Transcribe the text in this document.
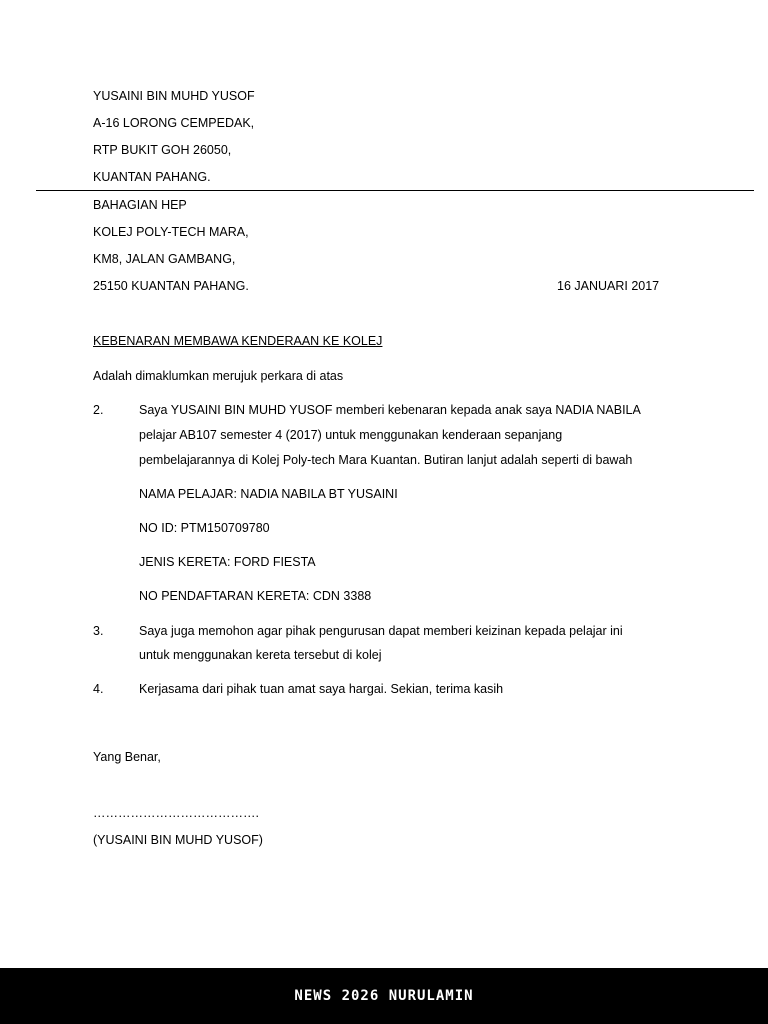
YUSAINI BIN MUHD YUSOF
A-16 LORONG CEMPEDAK,
RTP BUKIT GOH 26050,
KUANTAN PAHANG.
BAHAGIAN HEP
KOLEJ POLY-TECH MARA,
KM8, JALAN GAMBANG,
25150 KUANTAN PAHANG.	16 JANUARI 2017
KEBENARAN MEMBAWA KENDERAAN KE KOLEJ
Adalah dimaklumkan merujuk perkara di atas
2.	Saya YUSAINI BIN MUHD YUSOF memberi kebenaran kepada anak saya NADIA NABILA
pelajar AB107 semester 4 (2017) untuk menggunakan kenderaan sepanjang
pembelajarannya di Kolej Poly-tech Mara Kuantan. Butiran lanjut adalah seperti di bawah
NAMA PELAJAR: NADIA NABILA BT YUSAINI
NO ID: PTM150709780
JENIS KERETA: FORD FIESTA
NO PENDAFTARAN KERETA: CDN 3388
3.	Saya juga memohon agar pihak pengurusan dapat memberi keizinan kepada pelajar ini
untuk menggunakan kereta tersebut di kolej
4.	Kerjasama dari pihak tuan amat saya hargai. Sekian, terima kasih
Yang Benar,
………………………………….
(YUSAINI BIN MUHD YUSOF)
NEWS 2026 NURULAMIN
